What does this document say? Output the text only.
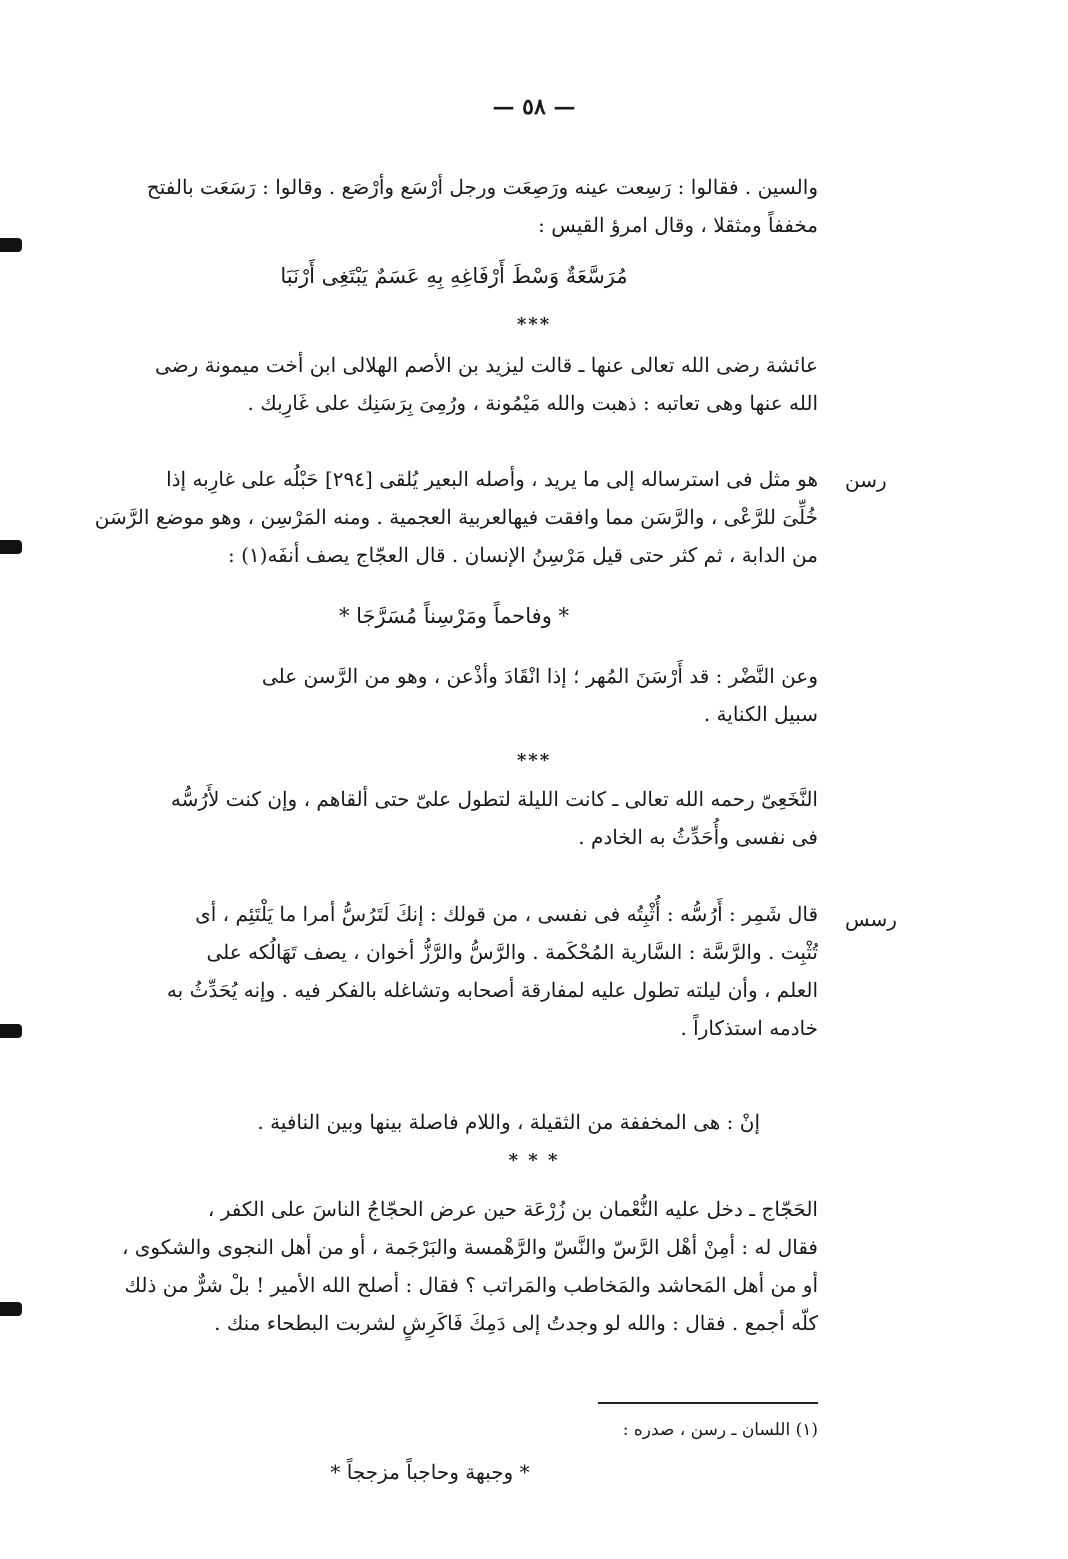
— ٥٨ —
رسن
رسس
والسين . فقالوا : رَسِعت عينه ورَصِعَت ورجل أرْسَع وأرْصَع . وقالوا : رَسَعَت بالفتح
مخففاً ومثقلا ، وقال امرؤ القيس :
مُرَسَّعَةٌ وَسْطَ أَرْفَاغِهِ بِهِ عَسَمٌ يَبْتَغِى أَرْنَبَا
***
عائشة رضى الله تعالى عنها ـ قالت ليزيد بن الأصم الهلالى ابن أخت ميمونة رضى
الله عنها وهى تعاتبه : ذهبت والله مَيْمُونة ، ورُمِىَ بِرَسَنِك على غَارِبك .
هو مثل فى استرساله إلى ما يريد ، وأصله البعير يُلقى [٢٩٤] حَبْلُه على غارِبه إذا
خُلِّىَ للرَّعْى ، والرَّسَن مما وافقت فيهالعربية العجمية . ومنه المَرْسِن ، وهو موضع الرَّسَن
من الدابة ، ثم كثر حتى قيل مَرْسِنُ الإنسان . قال العجّاج يصف أنفَه(١) :
* وفاحماً ومَرْسِناً مُسَرَّجَا *
وعن النَّضْر : قد أَرْسَنَ المُهر ؛ إذا انْقَادَ وأذْعن ، وهو من الرَّسن على
سبيل الكناية .
***
النَّخَعِىّ رحمه الله تعالى ـ كانت الليلة لتطول علىّ حتى ألقاهم ، وإن كنت لأَرُسُّه
فى نفسى وأُحَدِّثُ به الخادم .
قال شَمِر : أَرُسُّه : أُثْبِتُه فى نفسى ، من قولك : إنكَ لَتَرُسُّ أمرا ما يَلْتَئِم ، أى
تُثْبِت . والرَّسَّة : السَّارية المُحْكَمة . والرَّسُّ والرَّزُّ أخوان ، يصف تَهَالُكه على
العلم ، وأن ليلته تطول عليه لمفارقة أصحابه وتشاغله بالفكر فيه . وإنه يُحَدِّثُ به
خادمه استذكاراً .
إنْ : هى المخففة من الثقيلة ، واللام فاصلة بينها وبين النافية .
* * *
الحَجّاج ـ دخل عليه النُّعْمان بن زُرْعَة حين عرض الحجّاجُ الناسَ على الكفر ،
فقال له : أمِنْ أهْل الرَّسّ والنَّسّ والرَّهْمسة والبَرْجَمة ، أو من أهل النجوى والشكوى ،
أو من أهل المَحاشد والمَخاطب والمَراتب ؟ فقال : أصلح الله الأمير ! بلْ شرٌّ من ذلك
كلّه أجمع . فقال : والله لو وجدتُ إلى دَمِكَ فَاكَرِشٍ لشربت البطحاء منك .
(١) اللسان ـ رسن ، صدره :
* وجبهة وحاجباً مزججاً *
